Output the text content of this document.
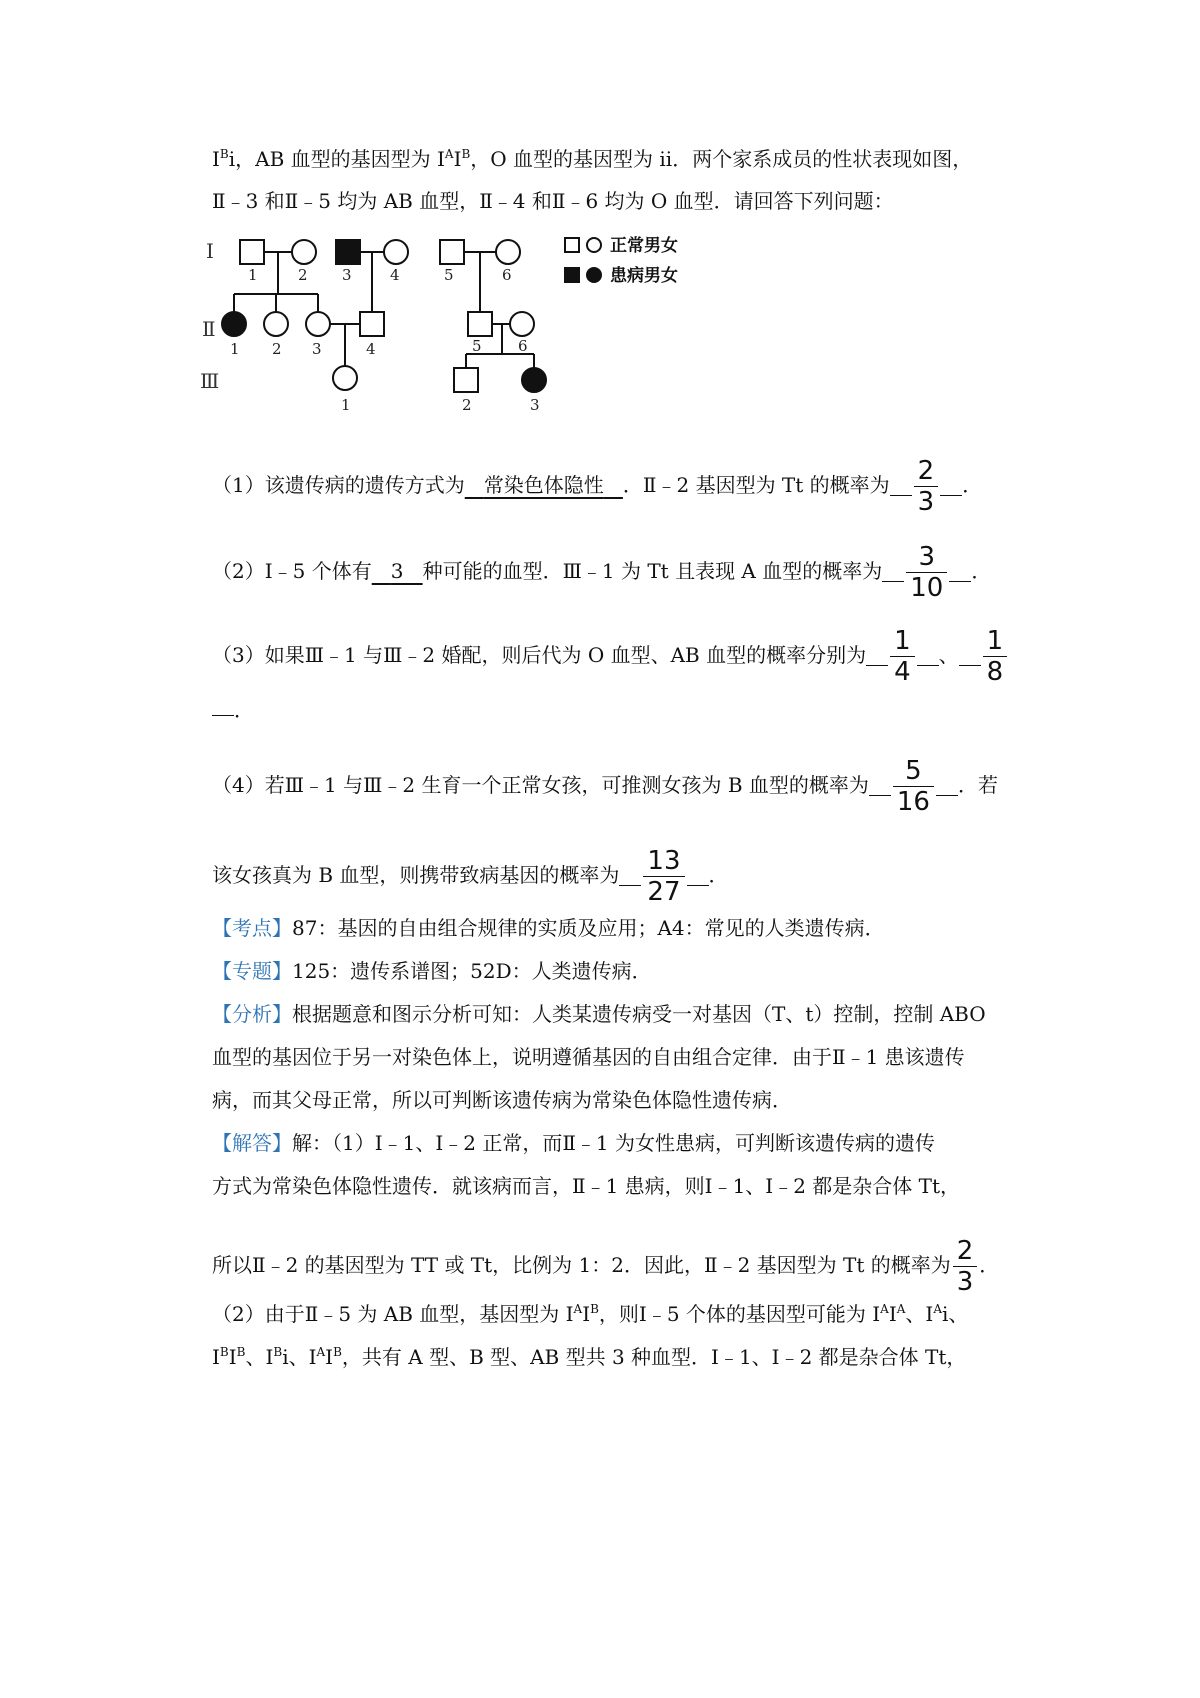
$I^Bi$，AB 血型的基因型为 $I^AI^B$，O 血型的基因型为 ii．两个家系成员的性状表现如图，
Ⅱ﹣3 和Ⅱ﹣5 均为 AB 血型，Ⅱ﹣4 和Ⅱ﹣6 均为 O 血型．请回答下列问题：
Ⅰ
Ⅱ
Ⅲ
正常男女
患病男女
1	2 3	4	5	6
1 2 3	4	5 6
1	2	3
（1）该遗传病的遗传方式为 常染色体隐性 ．Ⅱ﹣2 基因型为 Tt 的概率为 $\frac{2}{3}$ ．
（2）Ⅰ﹣5 个体有 3 种可能的血型．Ⅲ﹣1 为 Tt 且表现 A 血型的概率为 $\frac{3}{10}$ ．
（3）如果Ⅲ﹣1 与Ⅲ﹣2 婚配，则后代为 O 血型、AB 血型的概率分别为 $\frac{1}{4}$ 、 $\frac{1}{8}$
．
（4）若Ⅲ﹣1 与Ⅲ﹣2 生育一个正常女孩，可推测女孩为 B 血型的概率为 $\frac{5}{16}$ ．若
该女孩真为 B 血型，则携带致病基因的概率为 $\frac{13}{27}$ ．
【考点】87：基因的自由组合规律的实质及应用；A4：常见的人类遗传病．
【专题】125：遗传系谱图；52D：人类遗传病．
【分析】根据题意和图示分析可知：人类某遗传病受一对基因（T、t）控制，控制 ABO
血型的基因位于另一对染色体上，说明遵循基因的自由组合定律．由于Ⅱ﹣1 患该遗传
病，而其父母正常，所以可判断该遗传病为常染色体隐性遗传病．
【解答】解：（1）Ⅰ﹣1、Ⅰ﹣2 正常，而Ⅱ﹣1 为女性患病，可判断该遗传病的遗传
方式为常染色体隐性遗传．就该病而言，Ⅱ﹣1 患病，则Ⅰ﹣1、Ⅰ﹣2 都是杂合体 Tt，
所以Ⅱ﹣2 的基因型为 TT 或 Tt，比例为 1：2．因此，Ⅱ﹣2 基因型为 Tt 的概率为 $\frac{2}{3}$ ．
（2）由于Ⅱ﹣5 为 AB 血型，基因型为 $I^AI^B$，则Ⅰ﹣5 个体的基因型可能为 $I^AI^A$、$I^Ai$、
$I^BI^B$、$I^Bi$、$I^AI^B$，共有 A 型、B 型、AB 型共 3 种血型．Ⅰ﹣1、Ⅰ﹣2 都是杂合体 Tt，
